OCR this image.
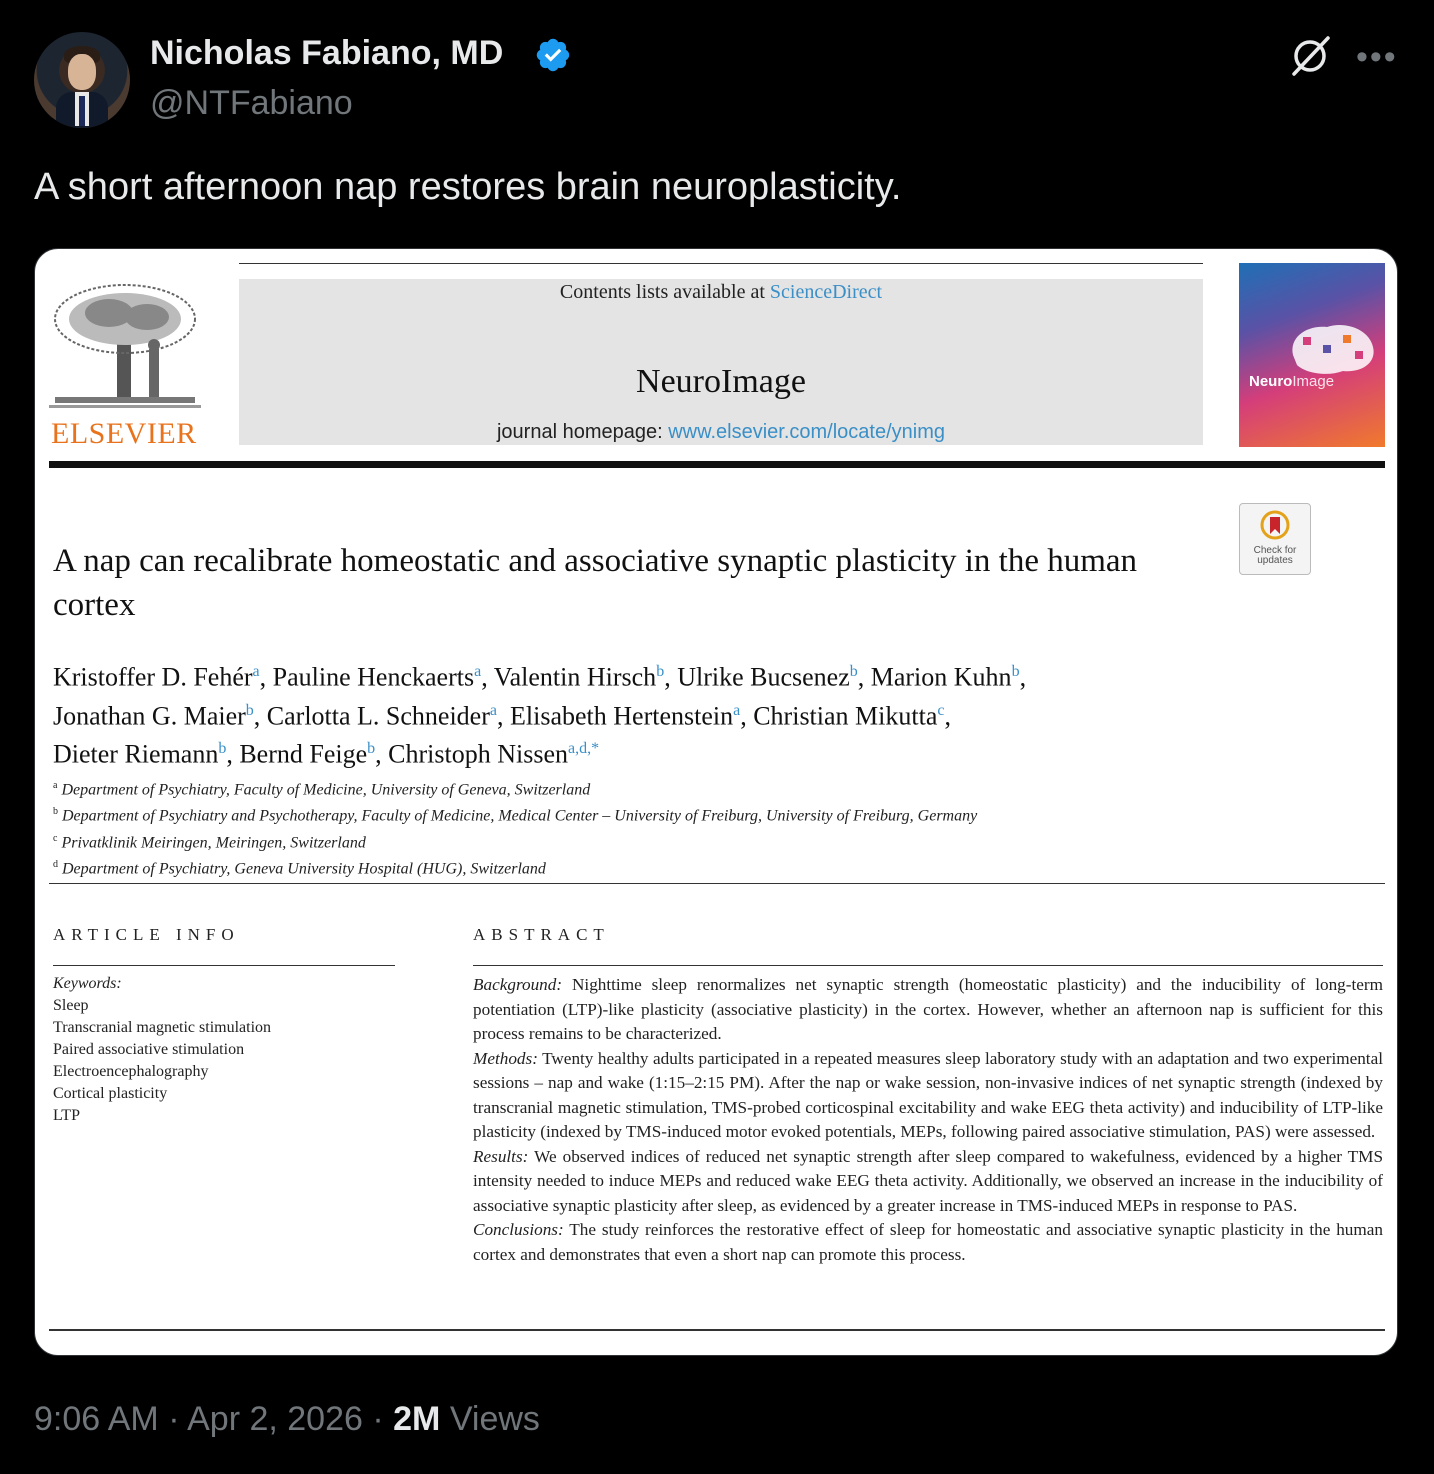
Nicholas Fabiano, MD
@NTFabiano
•••
A short afternoon nap restores brain neuroplasticity.
ELSEVIER
Contents lists available at ScienceDirect
NeuroImage
journal homepage: www.elsevier.com/locate/ynimg
NeuroImage
Check for updates
A nap can recalibrate homeostatic and associative synaptic plasticity in the human cortex
Kristoffer D. Fehér$^a$, Pauline Henckaerts$^a$, Valentin Hirsch$^b$, Ulrike Bucsenez$^b$, Marion Kuhn$^b$,
Jonathan G. Maier$^b$, Carlotta L. Schneider$^a$, Elisabeth Hertenstein$^a$, Christian Mikutta$^c$,
Dieter Riemann$^b$, Bernd Feige$^b$, Christoph Nissen$^{a,d,*}$
$^a$ Department of Psychiatry, Faculty of Medicine, University of Geneva, Switzerland
$^b$ Department of Psychiatry and Psychotherapy, Faculty of Medicine, Medical Center – University of Freiburg, University of Freiburg, Germany
$^c$ Privatklinik Meiringen, Meiringen, Switzerland
$^d$ Department of Psychiatry, Geneva University Hospital (HUG), Switzerland
ARTICLE INFO	ABSTRACT
Keywords:
Sleep
Transcranial magnetic stimulation
Paired associative stimulation
Electroencephalography
Cortical plasticity
LTP

Background: Nighttime sleep renormalizes net synaptic strength (homeostatic plasticity) and the inducibility of long-term potentiation (LTP)-like plasticity (associative plasticity) in the cortex. However, whether an afternoon nap is sufficient for this process remains to be characterized.

Methods: Twenty healthy adults participated in a repeated measures sleep laboratory study with an adaptation and two experimental sessions – nap and wake (1:15–2:15 PM). After the nap or wake session, non-invasive indices of net synaptic strength (indexed by transcranial magnetic stimulation, TMS-probed corticospinal excitability and wake EEG theta activity) and inducibility of LTP-like plasticity (indexed by TMS-induced motor evoked potentials, MEPs, following paired associative stimulation, PAS) were assessed.

Results: We observed indices of reduced net synaptic strength after sleep compared to wakefulness, evidenced by a higher TMS intensity needed to induce MEPs and reduced wake EEG theta activity. Additionally, we observed an increase in the inducibility of associative synaptic plasticity after sleep, as evidenced by a greater increase in TMS-induced MEPs in response to PAS.

Conclusions: The study reinforces the restorative effect of sleep for homeostatic and associative synaptic plasticity in the human cortex and demonstrates that even a short nap can promote this process.

9:06 AM · Apr 2, 2026 · 2M Views
